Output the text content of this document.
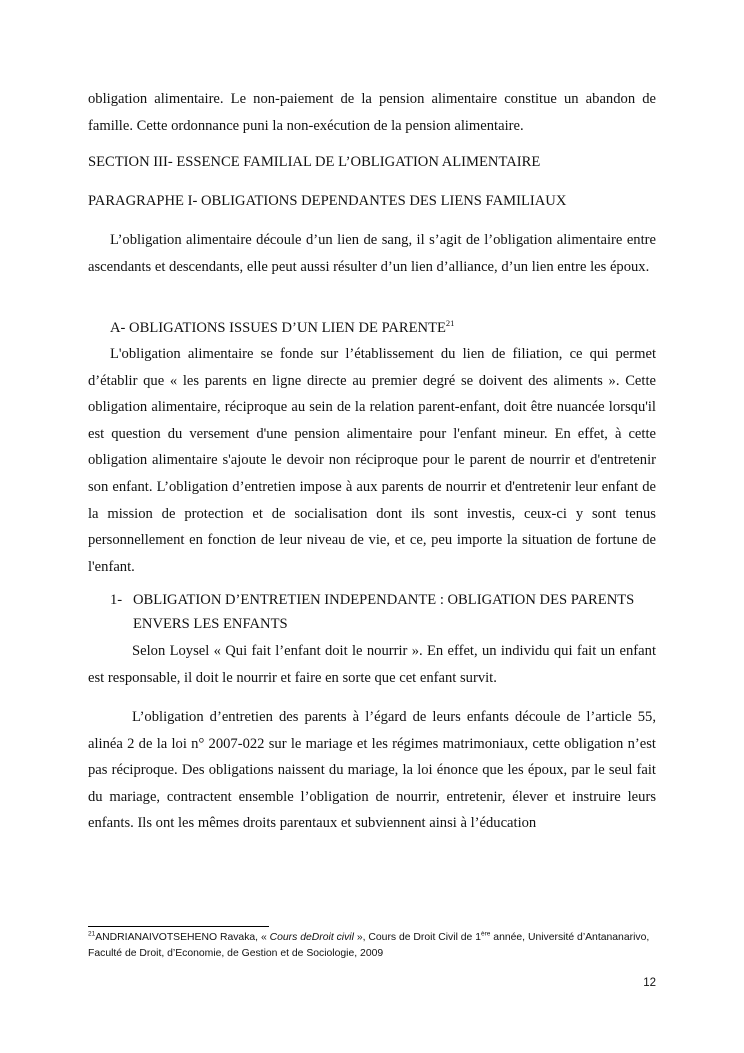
obligation alimentaire. Le non-paiement de la pension alimentaire constitue un abandon de famille. Cette ordonnance puni la non-exécution de la pension alimentaire.

SECTION III- ESSENCE FAMILIAL DE L’OBLIGATION ALIMENTAIRE

PARAGRAPHE I- OBLIGATIONS DEPENDANTES DES LIENS FAMILIAUX

L’obligation alimentaire découle d’un lien de sang, il s’agit de l’obligation alimentaire entre ascendants et descendants, elle peut aussi résulter d’un lien d’alliance, d’un lien entre les époux.

A- OBLIGATIONS ISSUES D’UN LIEN DE PARENTE$^{21}$

L'obligation alimentaire se fonde sur l’établissement du lien de filiation, ce qui permet d’établir que « les parents en ligne directe au premier degré se doivent des aliments ». Cette obligation alimentaire, réciproque au sein de la relation parent-enfant, doit être nuancée lorsqu'il est question du versement d'une pension alimentaire pour l'enfant mineur. En effet, à cette obligation alimentaire s'ajoute le devoir non réciproque pour le parent de nourrir et d'entretenir son enfant. L’obligation d’entretien impose à aux parents de nourrir et d'entretenir leur enfant de la mission de protection et de socialisation dont ils sont investis, ceux-ci y sont tenus personnellement en fonction de leur niveau de vie, et ce, peu importe la situation de fortune de l'enfant.

1- OBLIGATION D’ENTRETIEN INDEPENDANTE : OBLIGATION DES PARENTS

ENVERS LES ENFANTS

Selon Loysel « Qui fait l’enfant doit le nourrir ». En effet, un individu qui fait un enfant est responsable, il doit le nourrir et faire en sorte que cet enfant survit.

L’obligation d’entretien des parents à l’égard de leurs enfants découle de l’article 55, alinéa 2 de la loi n° 2007-022 sur le mariage et les régimes matrimoniaux, cette obligation n’est pas réciproque. Des obligations naissent du mariage, la loi énonce que les époux, par le seul fait du mariage, contractent ensemble l’obligation de nourrir, entretenir, élever et instruire leurs enfants. Ils ont les mêmes droits parentaux et subviennent ainsi à l’éducation

$^{21}$ANDRIANAIVOTSEHENO Ravaka, « Cours deDroit civil », Cours de Droit Civil de 1ère année, Université d’Antananarivo, Faculté de Droit, d’Economie, de Gestion et de Sociologie, 2009

12
